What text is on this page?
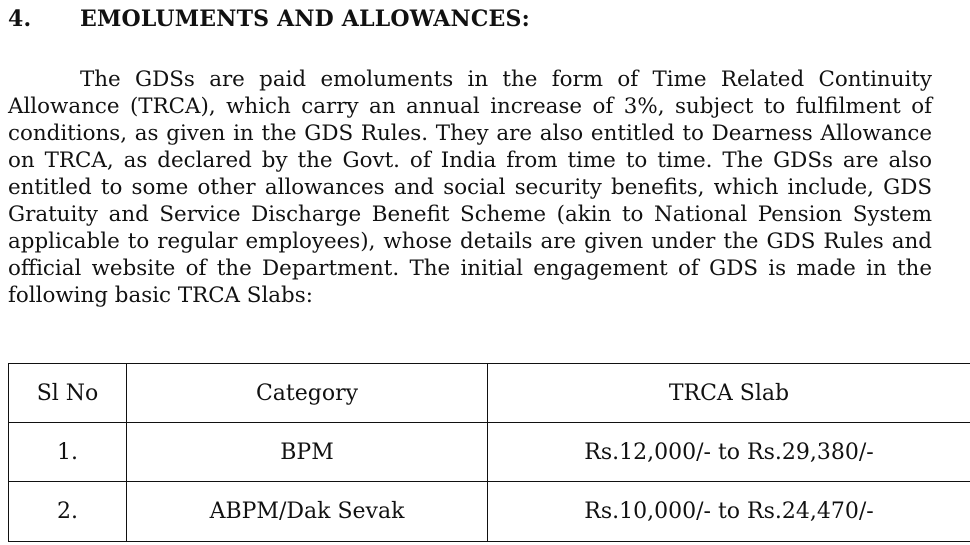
4. EMOLUMENTS AND ALLOWANCES:

The GDSs are paid emoluments in the form of Time Related Continuity Allowance (TRCA), which carry an annual increase of 3%, subject to fulfilment of conditions, as given in the GDS Rules. They are also entitled to Dearness Allowance on TRCA, as declared by the Govt. of India from time to time. The GDSs are also entitled to some other allowances and social security benefits, which include, GDS Gratuity and Service Discharge Benefit Scheme (akin to National Pension System applicable to regular employees), whose details are given under the GDS Rules and official website of the Department. The initial engagement of GDS is made in the following basic TRCA Slabs:

Sl No	Category	TRCA Slab
1.	BPM	Rs.12,000/- to Rs.29,380/-
2.	ABPM/Dak Sevak	Rs.10,000/- to Rs.24,470/-
